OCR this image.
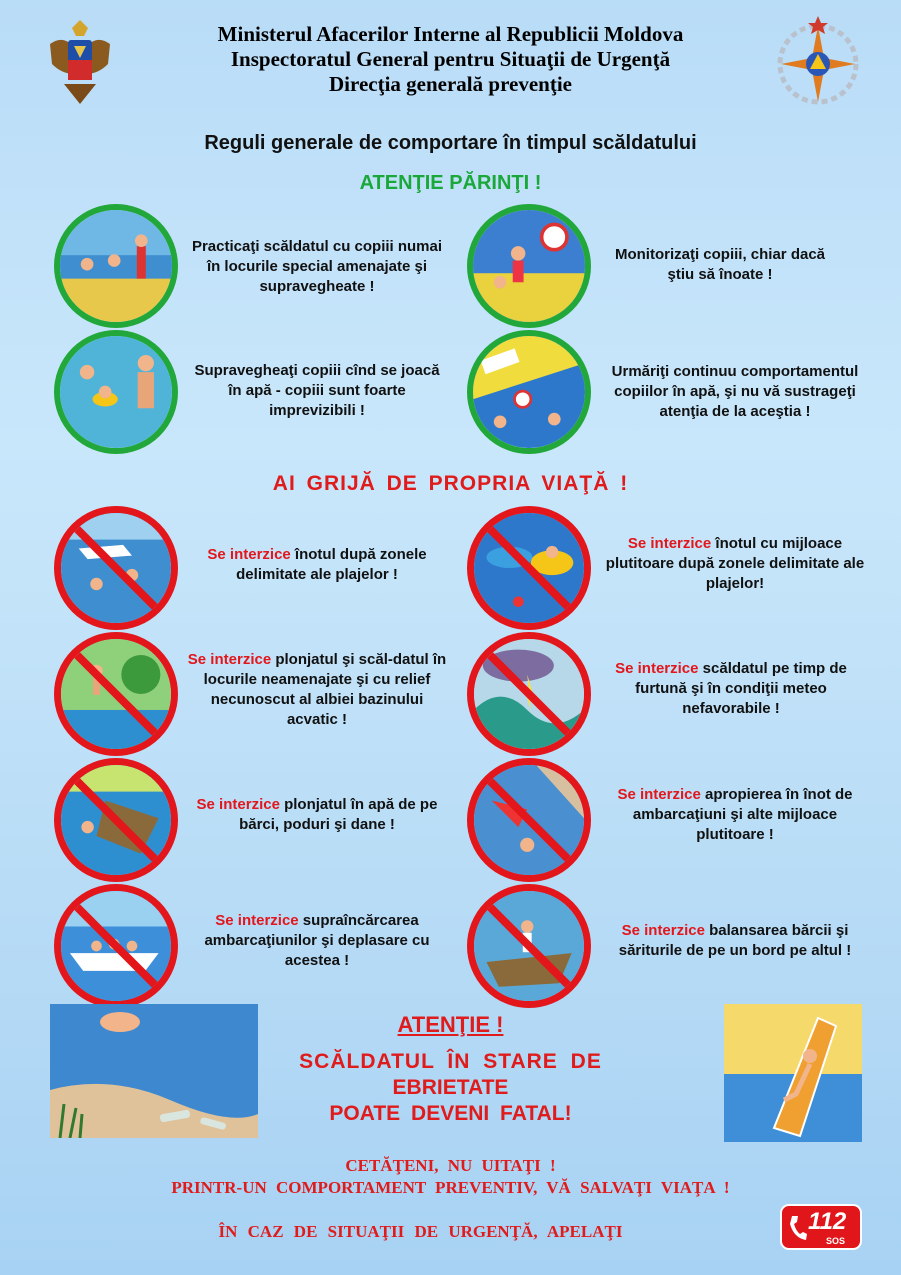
Ministerul Afacerilor Interne al Republicii Moldova
Inspectoratul General pentru Situaţii de Urgenţă
Direcţia generală prevenţie
Reguli generale de comportare în timpul scăldatului
ATENŢIE PĂRINŢI !
Practicaţi scăldatul cu copiii numai în locurile special amenajate şi supravegheate !
Monitorizaţi copiii, chiar dacă ştiu să înoate !
Supravegheaţi copiii cînd se joacă în apă - copiii sunt foarte imprevizibili !
Urmăriţi continuu comportamentul copiilor în apă, şi nu vă sustrageţi atenţia de la aceştia !
AI GRIJĂ DE PROPRIA VIAŢĂ !
Se interzice înotul după zonele delimitate ale plajelor !
Se interzice înotul cu mijloace plutitoare după zonele delimitate ale plajelor!
Se interzice plonjatul şi scăl-datul în locurile neamenajate şi cu relief necunoscut al albiei bazinului acvatic !
Se interzice scăldatul pe timp de furtună şi în condiţii meteo nefavorabile !
Se interzice plonjatul în apă de pe bărci, poduri şi dane !
Se interzice apropierea în înot de ambarcaţiuni şi alte mijloace plutitoare !
Se interzice supraîncărcarea ambarcaţiunilor şi deplasare cu acestea !
Se interzice balansarea bărcii şi săriturile de pe un bord pe altul !
ATENŢIE !
SCĂLDATUL ÎN STARE DE
EBRIETATE
POATE DEVENI FATAL!
CETĂŢENI, NU UITAŢI !
PRINTR-UN COMPORTAMENT PREVENTIV, VĂ SALVAŢI VIAŢA !
ÎN CAZ DE SITUAŢII DE URGENŢĂ, APELAŢI	112
SOS
